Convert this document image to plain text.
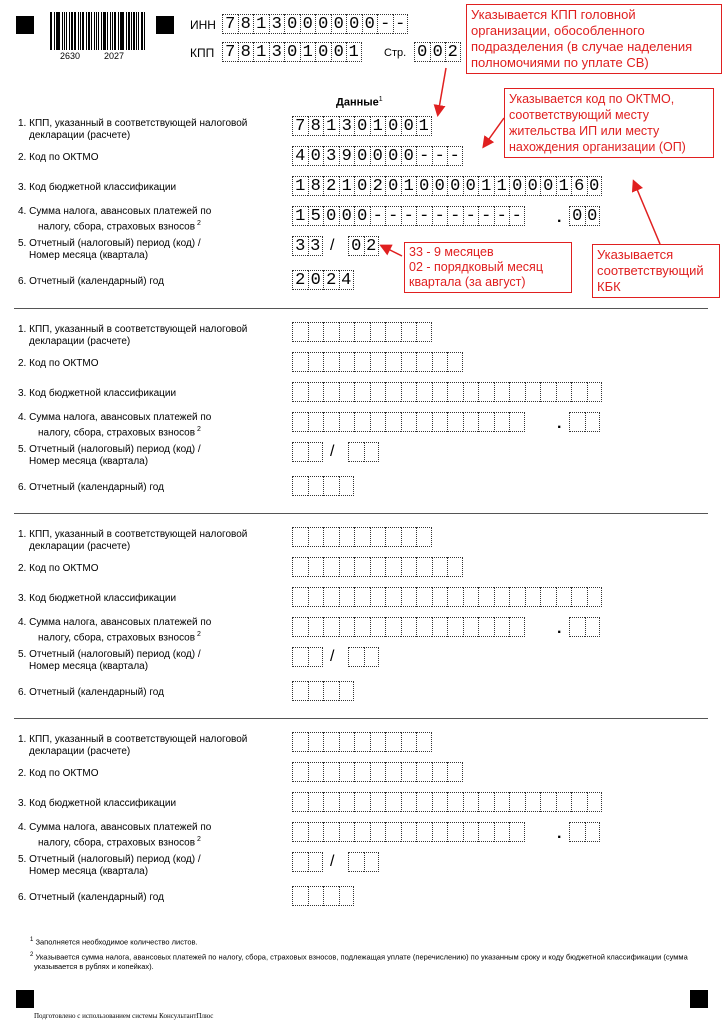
2630	2027
ИНН 7 8 1 3 0 0 0 0 0 0 - -
КПП 7 8 1 3 0 1 0 0 1 Стр. 0 0 2
Данные$^1$
1. КПП, указанный в соответствующей налоговой
декларации (расчете)
2. Код по ОКТМО
3. Код бюджетной классификации
4. Сумма налога, авансовых платежей по
налогу, сбора, страховых взносов $^2$
5. Отчетный (налоговый) период (код) /
Номер месяца (квартала)
6. Отчетный (календарный) год
7 8 1 3 0 1 0 0 1
4 0 3 9 0 0 0 0 - - -
1 8 2 1 0 2 0 1 0 0 0 0 1 1 0 0 0 1 6 0
1 5 0 0 0 - - - - - - - - - - . 0 0
3 3 / 0 2
2 0 2 4
1. КПП, указанный в соответствующей налоговой
декларации (расчете)
2. Код по ОКТМО
3. Код бюджетной классификации
4. Сумма налога, авансовых платежей по
налогу, сбора, страховых взносов $^2$
5. Отчетный (налоговый) период (код) /
Номер месяца (квартала)
6. Отчетный (календарный) год
.
/
1. КПП, указанный в соответствующей налоговой
декларации (расчете)
2. Код по ОКТМО
3. Код бюджетной классификации
4. Сумма налога, авансовых платежей по
налогу, сбора, страховых взносов $^2$
5. Отчетный (налоговый) период (код) /
Номер месяца (квартала)
6. Отчетный (календарный) год
.
/
1. КПП, указанный в соответствующей налоговой
декларации (расчете)
2. Код по ОКТМО
3. Код бюджетной классификации
4. Сумма налога, авансовых платежей по
налогу, сбора, страховых взносов $^2$
5. Отчетный (налоговый) период (код) /
Номер месяца (квартала)
6. Отчетный (календарный) год
.
/
Указывается КПП головной организации, обособленного подразделения (в случае наделения полномочиями по уплате СВ)
Указывается код по ОКТМО, соответствующий месту жительства ИП или месту нахождения организации (ОП)
33 - 9 месяцев
02 - порядковый месяц квартала (за август)
Указывается соответствующий КБК
$^1$ Заполняется необходимое количество листов.
$^2$ Указывается сумма налога, авансовых платежей по налогу, сбора, страховых взносов, подлежащая уплате (перечислению) по указанным сроку и коду бюджетной классификации (сумма указывается в рублях и копейках).
Подготовлено с использованием системы КонсультантПлюс
